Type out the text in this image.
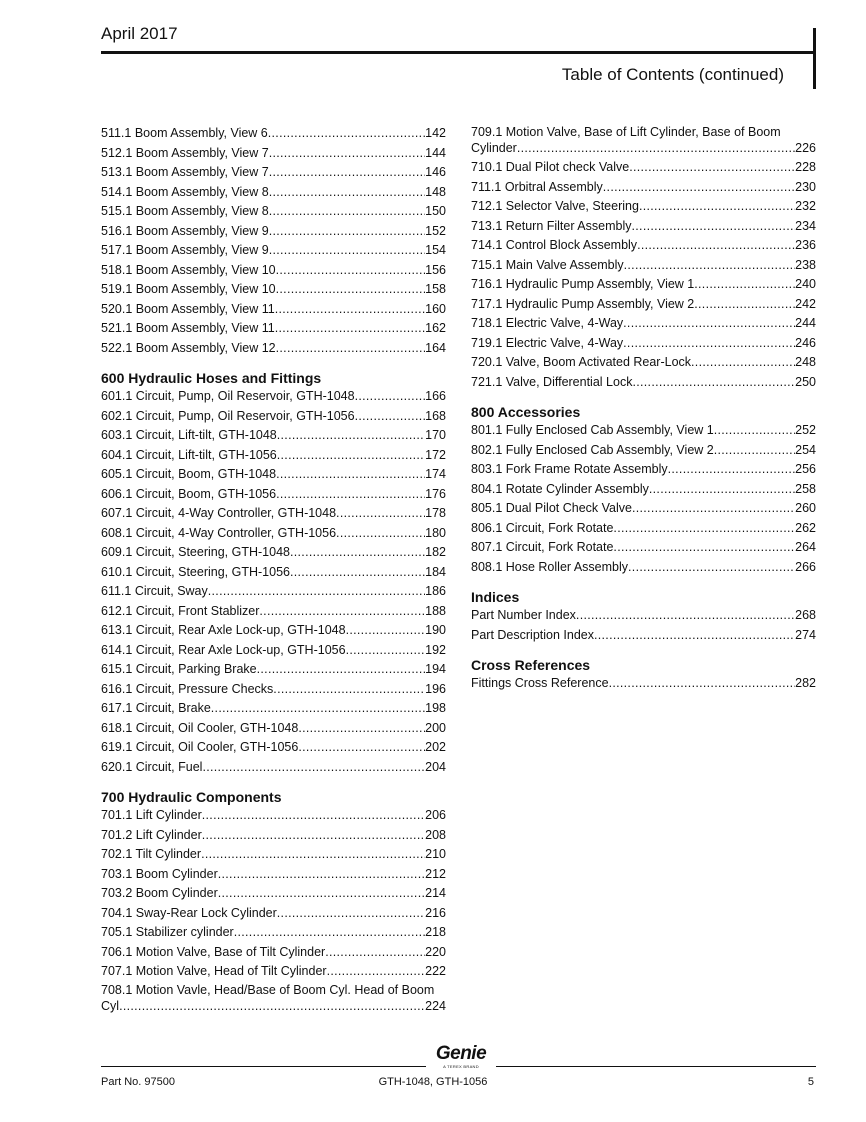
April 2017
Table of Contents (continued)
511.1 Boom Assembly, View 6 .....	142
512.1 Boom Assembly, View 7 .....	144
513.1 Boom Assembly, View 7 .....	146
514.1 Boom Assembly, View 8 .....	148
515.1 Boom Assembly, View 8 .....	150
516.1 Boom Assembly, View 9 .....	152
517.1 Boom Assembly, View 9 .....	154
518.1 Boom Assembly, View 10 .....	156
519.1 Boom Assembly, View 10 .....	158
520.1 Boom Assembly, View 11 .....	160
521.1 Boom Assembly, View 11 .....	162
522.1 Boom Assembly, View 12 .....	164
600 Hydraulic Hoses and Fittings
601.1 Circuit, Pump, Oil Reservoir, GTH-1048 .....	166
602.1 Circuit, Pump, Oil Reservoir, GTH-1056 .....	168
603.1 Circuit, Lift-tilt, GTH-1048 .....	170
604.1 Circuit, Lift-tilt, GTH-1056 .....	172
605.1 Circuit, Boom, GTH-1048 .....	174
606.1 Circuit, Boom, GTH-1056 .....	176
607.1 Circuit, 4-Way Controller, GTH-1048 .....	178
608.1 Circuit, 4-Way Controller, GTH-1056 .....	180
609.1 Circuit, Steering, GTH-1048 .....	182
610.1 Circuit, Steering, GTH-1056 .....	184
611.1 Circuit, Sway .....	186
612.1 Circuit, Front Stablizer .....	188
613.1 Circuit, Rear Axle Lock-up, GTH-1048 .....	190
614.1 Circuit, Rear Axle Lock-up, GTH-1056 .....	192
615.1 Circuit, Parking Brake .....	194
616.1 Circuit, Pressure Checks .....	196
617.1 Circuit, Brake .....	198
618.1 Circuit, Oil Cooler, GTH-1048 .....	200
619.1 Circuit, Oil Cooler, GTH-1056 .....	202
620.1 Circuit, Fuel .....	204
700 Hydraulic Components
701.1 Lift Cylinder .....	206
701.2 Lift Cylinder .....	208
702.1 Tilt Cylinder .....	210
703.1 Boom Cylinder .....	212
703.2 Boom Cylinder .....	214
704.1 Sway-Rear Lock Cylinder .....	216
705.1 Stabilizer cylinder .....	218
706.1 Motion Valve, Base of Tilt Cylinder .....	220
707.1 Motion Valve, Head of Tilt Cylinder .....	222
708.1 Motion Vavle, Head/Base of Boom Cyl. Head of Boom
Cyl .....	224
709.1 Motion Valve, Base of Lift Cylinder, Base of Boom
Cylinder .....	226
710.1 Dual Pilot check Valve .....	228
711.1 Orbitral Assembly .....	230
712.1 Selector Valve, Steering .....	232
713.1 Return Filter Assembly .....	234
714.1 Control Block Assembly .....	236
715.1 Main Valve Assembly .....	238
716.1 Hydraulic Pump Assembly, View 1 .....	240
717.1 Hydraulic Pump Assembly, View 2 .....	242
718.1 Electric Valve, 4-Way .....	244
719.1 Electric Valve, 4-Way .....	246
720.1 Valve, Boom Activated Rear-Lock .....	248
721.1 Valve, Differential Lock .....	250
800 Accessories
801.1 Fully Enclosed Cab Assembly, View 1 .....	252
802.1 Fully Enclosed Cab Assembly, View 2 .....	254
803.1 Fork Frame Rotate Assembly .....	256
804.1 Rotate Cylinder Assembly .....	258
805.1 Dual Pilot Check Valve .....	260
806.1 Circuit, Fork Rotate .....	262
807.1 Circuit, Fork Rotate .....	264
808.1 Hose Roller Assembly .....	266
Indices
Part Number Index .....	268
Part Description Index .....	274
Cross References
Fittings Cross Reference .....	282
Genie
A TEREX BRAND
Part No. 97500	GTH-1048, GTH-1056	5
